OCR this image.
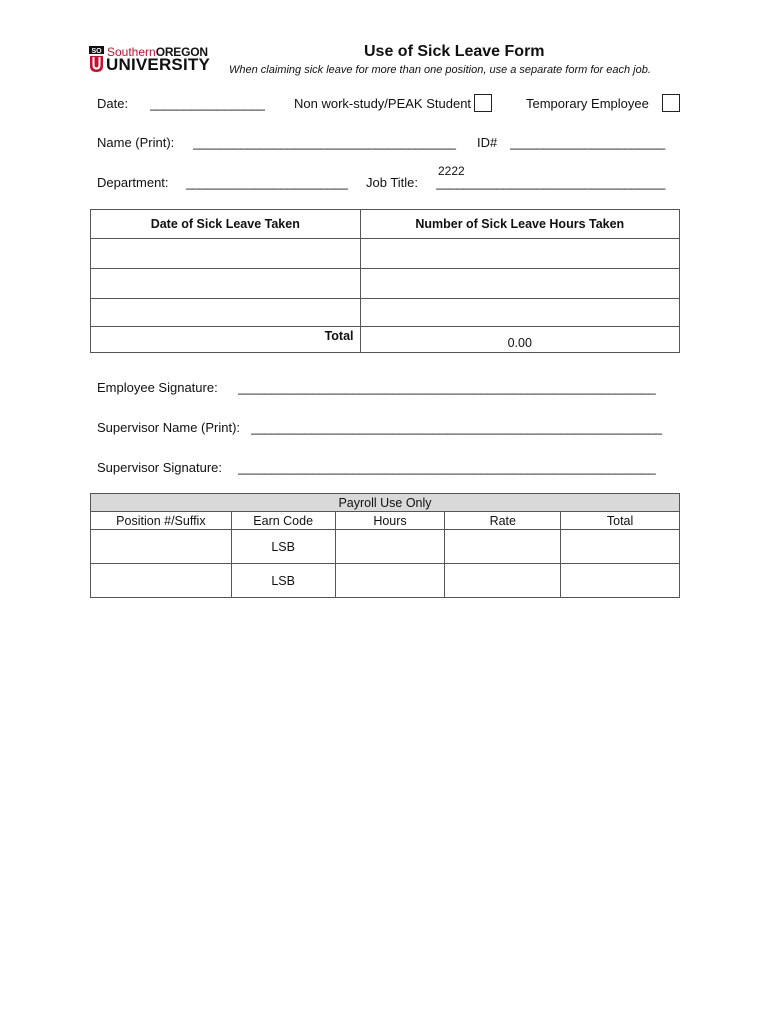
SO SouthernOREGON
UNIVERSITY
Use of Sick Leave Form
When claiming sick leave for more than one position, use a separate form for each job.
Date: _________________	Non work-study/PEAK Student	Temporary Employee
Name (Print): _______________________________________	ID# _______________________
Department: ________________________ Job Title:
2222
__________________________________
Date of Sick Leave Taken	Number of Sick Leave Hours Taken

Total	0.00
Employee Signature: ______________________________________________________________
Supervisor Name (Print): _____________________________________________________________
Supervisor Signature: ______________________________________________________________
Payroll Use Only				
Position #/Suffix	Earn Code	Hours	Rate	Total
	LSB			
	LSB			
